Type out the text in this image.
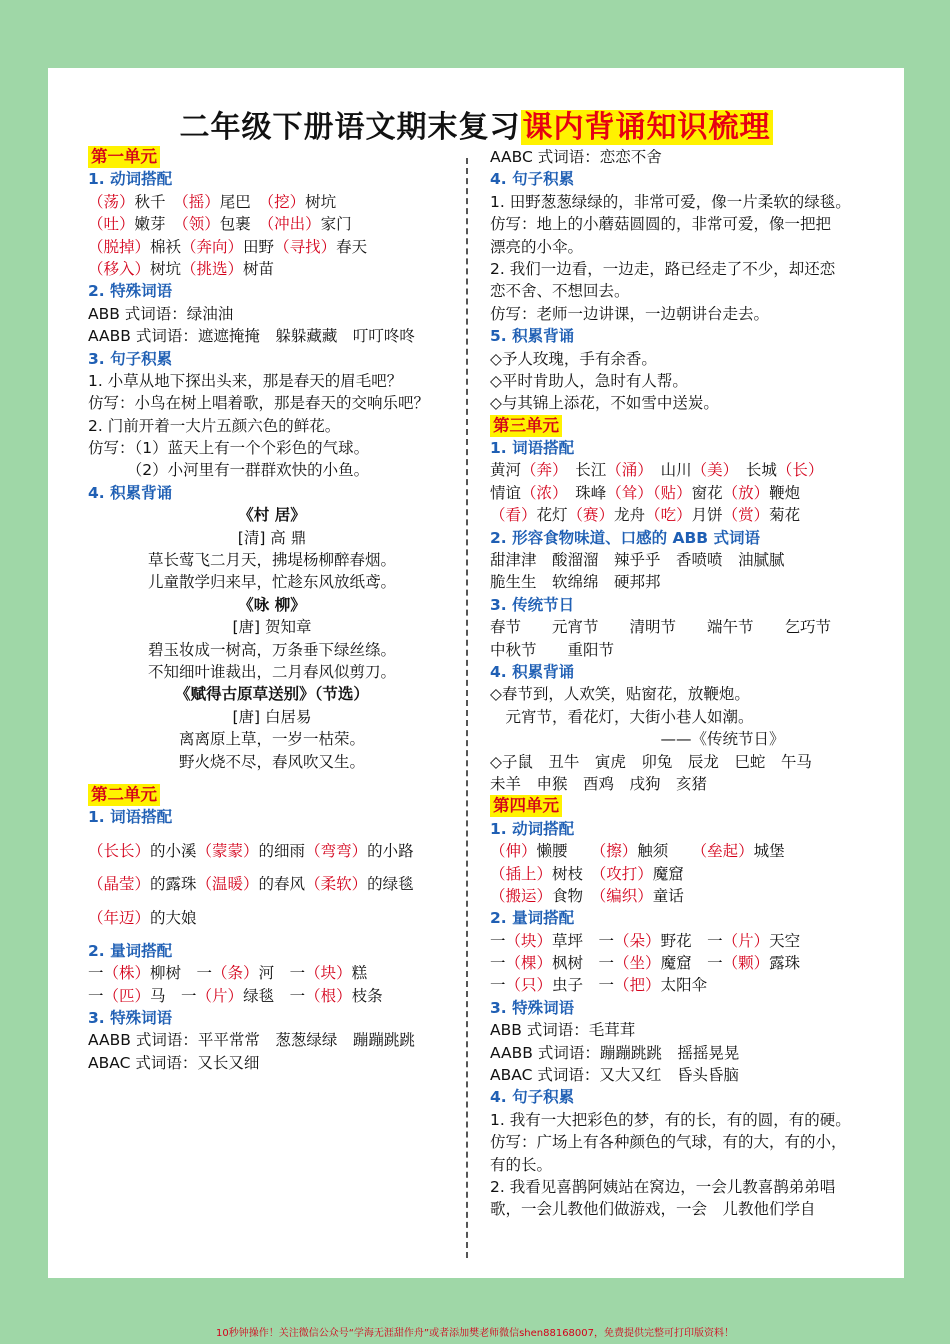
二年级下册语文期末复习课内背诵知识梳理
第一单元
1. 动词搭配
（荡）秋千　（摇）尾巴　（挖）树坑
（吐）嫩芽　（领）包裹　（冲出）家门
（脱掉）棉袄（奔向）田野（寻找）春天
（移入）树坑（挑选）树苗
2. 特殊词语
ABB 式词语：绿油油
AABB 式词语：遮遮掩掩　躲躲藏藏　叮叮咚咚
3. 句子积累
1. 小草从地下探出头来，那是春天的眉毛吧？
仿写：小鸟在树上唱着歌，那是春天的交响乐吧？
2. 门前开着一大片五颜六色的鲜花。
仿写：（1）蓝天上有一个个彩色的气球。
　　　（2）小河里有一群群欢快的小鱼。
4. 积累背诵
《村 居》
[清] 高 鼎
草长莺飞二月天，拂堤杨柳醉春烟。
儿童散学归来早，忙趁东风放纸鸢。
《咏 柳》
[唐] 贺知章
碧玉妆成一树高，万条垂下绿丝绦。
不知细叶谁裁出，二月春风似剪刀。
《赋得古原草送别》（节选）
[唐] 白居易
离离原上草，一岁一枯荣。
野火烧不尽，春风吹又生。
第二单元
1. 词语搭配
（长长）的小溪（蒙蒙）的细雨（弯弯）的小路
（晶莹）的露珠（温暖）的春风（柔软）的绿毯
（年迈）的大娘
2. 量词搭配
一（株）柳树　一（条）河　一（块）糕
一（匹）马　一（片）绿毯　一（根）枝条
3. 特殊词语
AABB 式词语：平平常常　葱葱绿绿　蹦蹦跳跳
ABAC 式词语：又长又细
AABC 式词语：恋恋不舍
4. 句子积累
1. 田野葱葱绿绿的，非常可爱，像一片柔软的绿毯。
仿写：地上的小蘑菇圆圆的，非常可爱，像一把把
漂亮的小伞。
2. 我们一边看，一边走，路已经走了不少，却还恋
恋不舍、不想回去。
仿写：老师一边讲课，一边朝讲台走去。
5. 积累背诵
◇予人玫瑰，手有余香。
◇平时肯助人，急时有人帮。
◇与其锦上添花，不如雪中送炭。
第三单元
1. 词语搭配
黄河（奔）　长江（涌）　山川（美）　长城（长）
情谊（浓）　珠峰（耸）（贴）窗花（放）鞭炮
（看）花灯（赛）龙舟（吃）月饼（赏）菊花
2. 形容食物味道、口感的 ABB 式词语
甜津津　酸溜溜　辣乎乎　香喷喷　油腻腻
脆生生　软绵绵　硬邦邦
3. 传统节日
春节　　元宵节　　清明节　　端午节　　乞巧节
中秋节　　重阳节
4. 积累背诵
◇春节到，人欢笑，贴窗花，放鞭炮。
　元宵节，看花灯，大街小巷人如潮。
　　　　　　　　　　　——《传统节日》
◇子鼠　丑牛　寅虎　卯兔　辰龙　巳蛇　午马
未羊　申猴　酉鸡　戌狗　亥猪
第四单元
1. 动词搭配
（伸）懒腰　　（擦）触须　　（垒起）城堡
（插上）树枝　（攻打）魔窟
（搬运）食物　（编织）童话
2. 量词搭配
一（块）草坪　一（朵）野花　一（片）天空
一（棵）枫树　一（坐）魔窟　一（颗）露珠
一（只）虫子　一（把）太阳伞
3. 特殊词语
ABB 式词语：毛茸茸
AABB 式词语：蹦蹦跳跳　摇摇晃晃
ABAC 式词语：又大又红　昏头昏脑
4. 句子积累
1. 我有一大把彩色的梦，有的长，有的圆，有的硬。
仿写：广场上有各种颜色的气球，有的大，有的小，
有的长。
2. 我看见喜鹊阿姨站在窝边，一会儿教喜鹊弟弟唱
歌，一会儿教他们做游戏，一会　儿教他们学自
10秒钟操作！关注微信公众号“学海无涯甜作舟”或者添加樊老师微信shen88168007，免费提供完整可打印版资料！
